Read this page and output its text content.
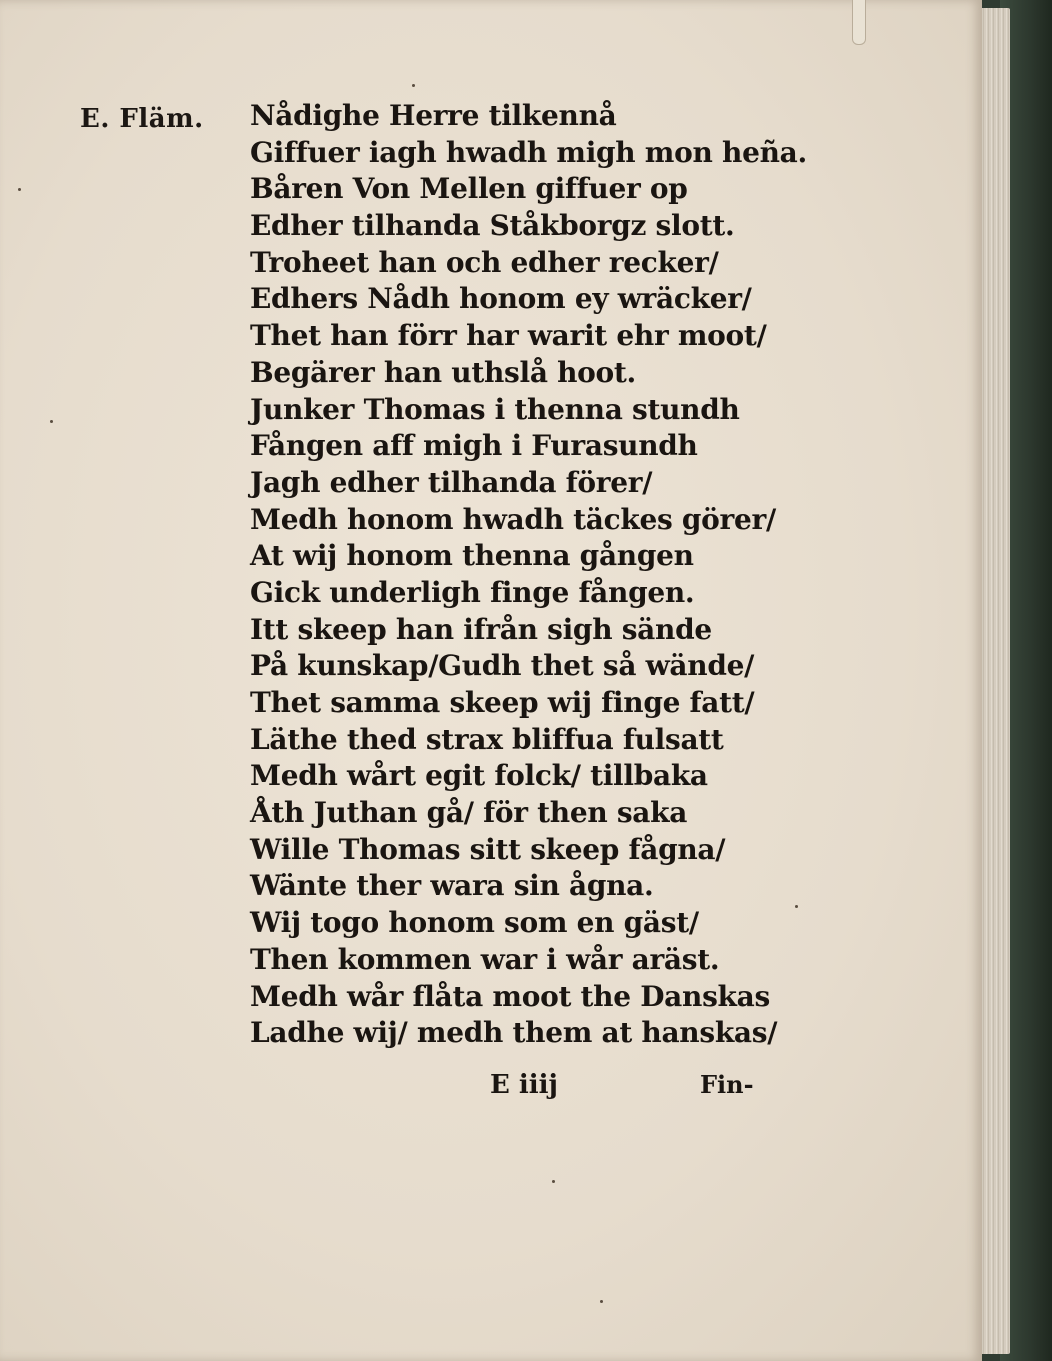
E. Fläm. Nådighe Herre tilkennå
Giffuer iagh hwadh migh mon heña.
Båren Von Mellen giffuer op
Edher tilhanda Ståkborgz slott.
Troheet han och edher recker/
Edhers Nådh honom ey wräcker/
Thet han förr har warit ehr moot/
Begärer han uthslå hoot.
Junker Thomas i thenna stundh
Fången aff migh i Furasundh
Jagh edher tilhanda förer/
Medh honom hwadh täckes görer/
At wij honom thenna gången
Gick underligh finge fången.
Itt skeep han ifrån sigh sände
På kunskap/Gudh thet så wände/
Thet samma skeep wij finge fatt/
Läthe thed strax bliffua fulsatt
Medh wårt egit folck/ tillbaka
Åth Juthan gå/ för then saka
Wille Thomas sitt skeep fågna/
Wänte ther wara sin ågna.
Wij togo honom som en gäst/
Then kommen war i wår aräst.
Medh wår flåta moot the Danskas
Ladhe wij/ medh them at hanskas/
E iiij	Fin-
